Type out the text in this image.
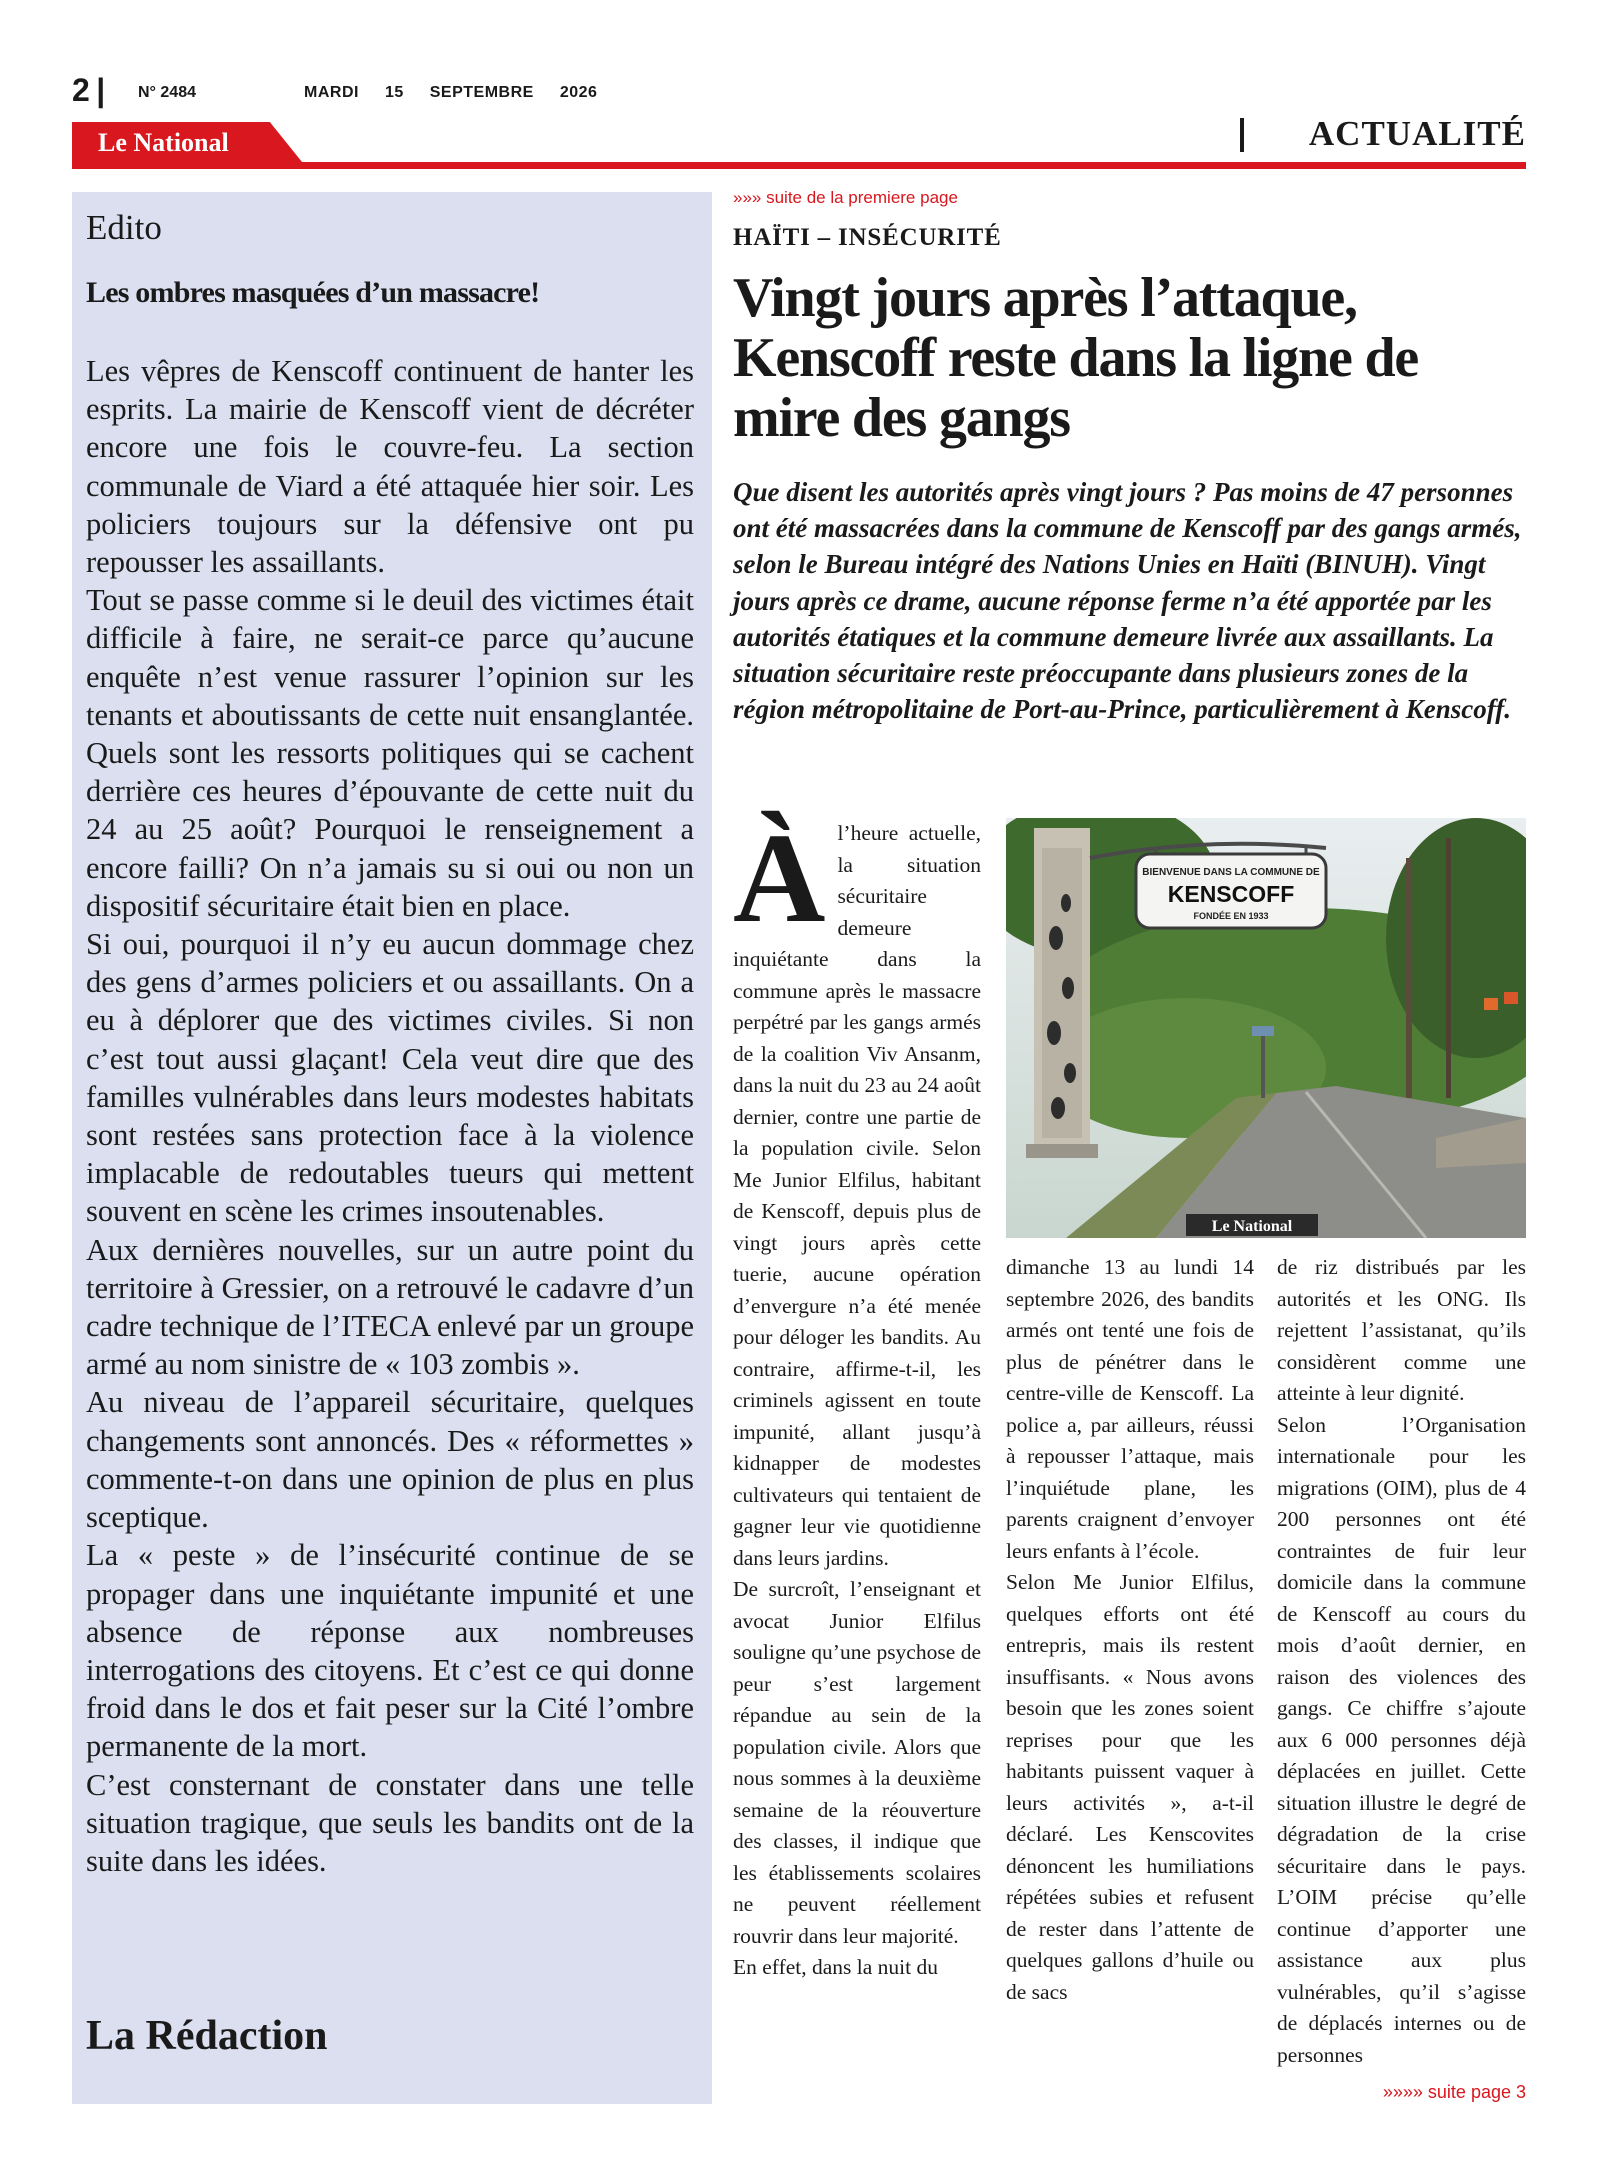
2 | N° 2484	MARDI 15 SEPTEMBRE 2026
Le National	ACTUALITÉ
Edito
Les ombres masquées d’un massacre!

Les vêpres de Kenscoff continuent de hanter les esprits. La mairie de Kenscoff vient de décréter encore une fois le couvre-feu. La section communale de Viard a été attaquée hier soir. Les policiers toujours sur la défensive ont pu repousser les assaillants.

Tout se passe comme si le deuil des victimes était difficile à faire, ne serait-ce parce qu’aucune enquête n’est venue rassurer l’opinion sur les tenants et aboutissants de cette nuit ensanglantée. Quels sont les ressorts politiques qui se cachent derrière ces heures d’épouvante de cette nuit du 24 au 25 août? Pourquoi le renseignement a encore failli? On n’a jamais su si oui ou non un dispositif sécuritaire était bien en place.

Si oui, pourquoi il n’y eu aucun dommage chez des gens d’armes policiers et ou assaillants. On a eu à déplorer que des victimes civiles. Si non c’est tout aussi glaçant! Cela veut dire que des familles vulnérables dans leurs modestes habitats sont restées sans protection face à la violence implacable de redoutables tueurs qui mettent souvent en scène les crimes insoutenables.

Aux dernières nouvelles, sur un autre point du territoire à Gressier, on a retrouvé le cadavre d’un cadre technique de l’ITECA enlevé par un groupe armé au nom sinistre de « 103 zombis ».

Au niveau de l’appareil sécuritaire, quelques changements sont annoncés. Des « réformettes » commente-t-on dans une opinion de plus en plus sceptique.

La « peste » de l’insécurité continue de se propager dans une inquiétante impunité et une absence de réponse aux nombreuses interrogations des citoyens. Et c’est ce qui donne froid dans le dos et fait peser sur la Cité l’ombre permanente de la mort.

C’est consternant de constater dans une telle situation tragique, que seuls les bandits ont de la suite dans les idées.

La Rédaction
»»» suite de la premiere page
HAÏTI – INSÉCURITÉ
Vingt jours après l’attaque, Kenscoff reste dans la ligne de mire des gangs
Que disent les autorités après vingt jours ? Pas moins de 47 personnes ont été massacrées dans la commune de Kenscoff par des gangs armés, selon le Bureau intégré des Nations Unies en Haïti (BINUH). Vingt jours après ce drame, aucune réponse ferme n’a été apportée par les autorités étatiques et la commune demeure livrée aux assaillants. La situation sécuritaire reste préoccupante dans plusieurs zones de la région métropolitaine de Port-au-Prince, particulièrement à Kenscoff.

Àl’heure actuelle, la situation sécuritaire demeure inquiétante dans la commune après le massacre perpétré par les gangs armés de la coalition Viv Ansanm, dans la nuit du 23 au 24 août dernier, contre une partie de la population civile. Selon Me Junior Elfilus, habitant de Kenscoff, depuis plus de vingt jours après cette tuerie, aucune opération d’envergure n’a été menée pour déloger les bandits. Au contraire, affirme-t-il, les criminels agissent en toute impunité, allant jusqu’à kidnapper de modestes cultivateurs qui tentaient de gagner leur vie quotidienne dans leurs jardins.

De surcroît, l’enseignant et avocat Junior Elfilus souligne qu’une psychose de peur s’est largement répandue au sein de la population civile. Alors que nous sommes à la deuxième semaine de la réouverture des classes, il indique que les établissements scolaires ne peuvent réellement rouvrir dans leur majorité.

En effet, dans la nuit du

BIENVENUE DANS LA COMMUNE DE
KENSCOFF
FONDÉE EN 1933
Le National

dimanche 13 au lundi 14 septembre 2026, des bandits armés ont tenté une fois de plus de pénétrer dans le centre-ville de Kenscoff. La police a, par ailleurs, réussi à repousser l’attaque, mais l’inquiétude plane, les parents craignent d’envoyer leurs enfants à l’école.

Selon Me Junior Elfilus, quelques efforts ont été entrepris, mais ils restent insuffisants. « Nous avons besoin que les zones soient reprises pour que les habitants puissent vaquer à leurs activités », a-t-il déclaré. Les Kenscovites dénoncent les humiliations répétées subies et refusent de rester dans l’attente de quelques gallons d’huile ou de sacs

de riz distribués par les autorités et les ONG. Ils rejettent l’assistanat, qu’ils considèrent comme une atteinte à leur dignité.

Selon l’Organisation internationale pour les migrations (OIM), plus de 4 200 personnes ont été contraintes de fuir leur domicile dans la commune de Kenscoff au cours du mois d’août dernier, en raison des violences des gangs. Ce chiffre s’ajoute aux 6 000 personnes déjà déplacées en juillet. Cette situation illustre le degré de dégradation de la crise sécuritaire dans le pays. L’OIM précise qu’elle continue d’apporter une assistance aux plus vulnérables, qu’il s’agisse de déplacés internes ou de personnes

»»»» suite page 3
